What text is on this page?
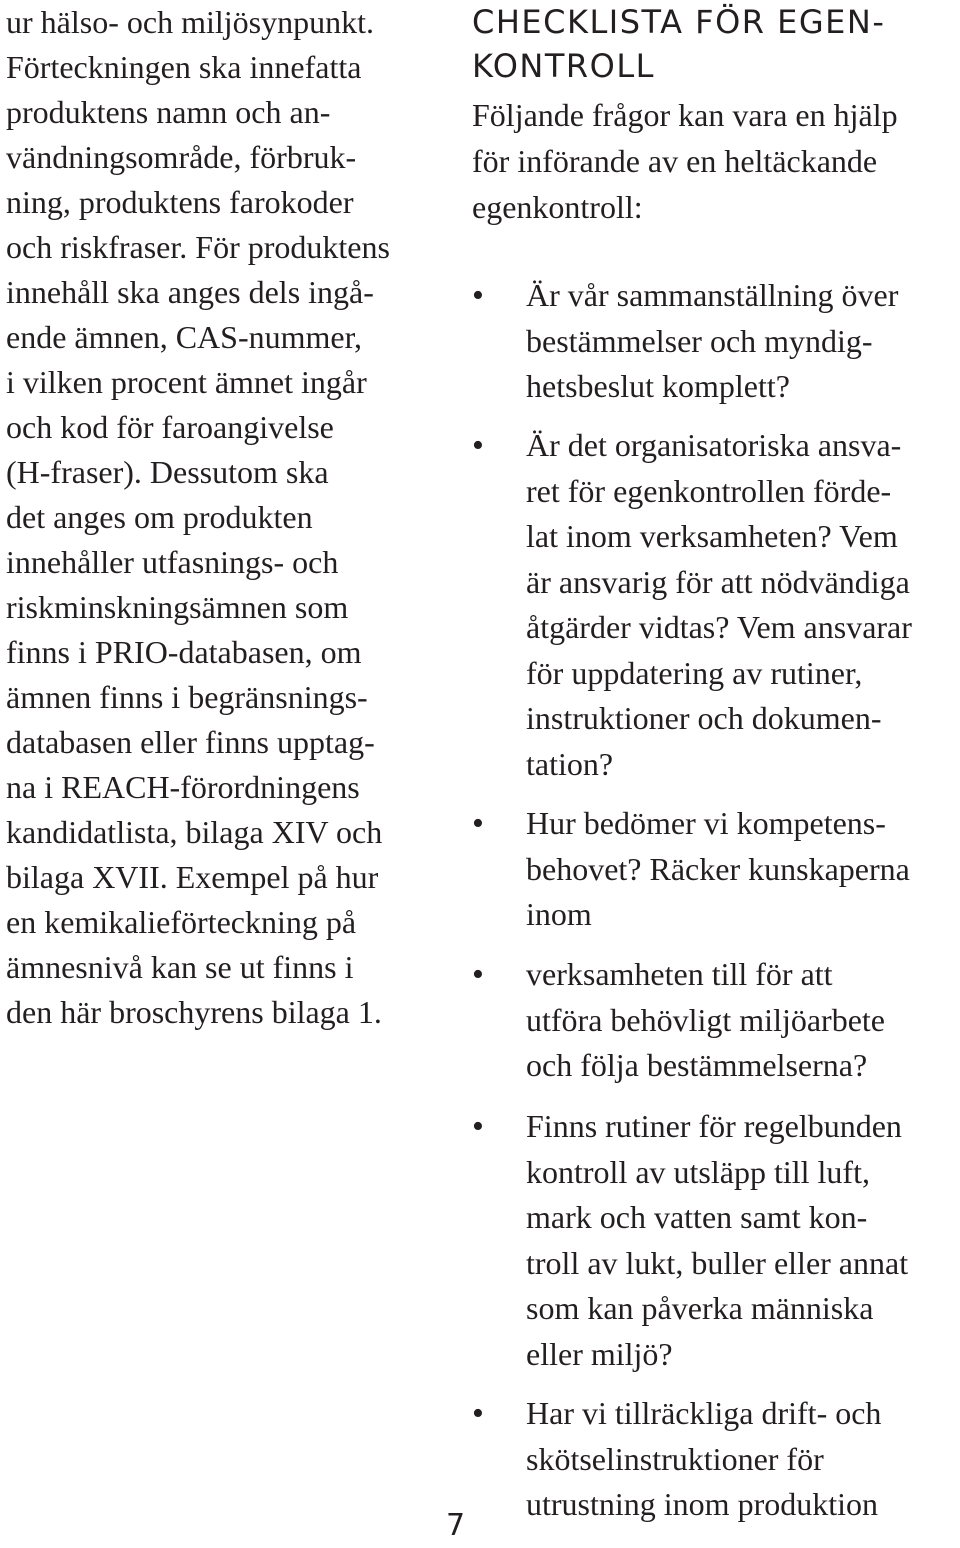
ur hälso- och miljösynpunkt.
Förteckningen ska innefatta
produktens namn och an-
vändningsområde, förbruk-
ning, produktens farokoder
och riskfraser. För produktens
innehåll ska anges dels ingå-
ende ämnen, CAS-nummer,
i vilken procent ämnet ingår
och kod för faroangivelse
(H-fraser). Dessutom ska
det anges om produkten
innehåller utfasnings- och
riskminskningsämnen som
finns i PRIO-databasen, om
ämnen finns i begränsnings-
databasen eller finns upptag-
na i REACH-förordningens
kandidatlista, bilaga XIV och
bilaga XVII. Exempel på hur
en kemikalieförteckning på
ämnesnivå kan se ut finns i
den här broschyrens bilaga 1.
CHECKLISTA FÖR EGEN-
KONTROLL
Följande frågor kan vara en hjälp
för införande av en heltäckande
egenkontroll:
• Är vår sammanställning över
bestämmelser och myndig-
hetsbeslut komplett?
• Är det organisatoriska ansva-
ret för egenkontrollen förde-
lat inom verksamheten? Vem
är ansvarig för att nödvändiga
åtgärder vidtas? Vem ansvarar
för uppdatering av rutiner,
instruktioner och dokumen-
tation?
• Hur bedömer vi kompetens-
behovet? Räcker kunskaperna
inom
• verksamheten till för att
utföra behövligt miljöarbete
och följa bestämmelserna?
• Finns rutiner för regelbunden
kontroll av utsläpp till luft,
mark och vatten samt kon-
troll av lukt, buller eller annat
som kan påverka människa
eller miljö?
• Har vi tillräckliga drift- och
skötselinstruktioner för
utrustning inom produktion
7
